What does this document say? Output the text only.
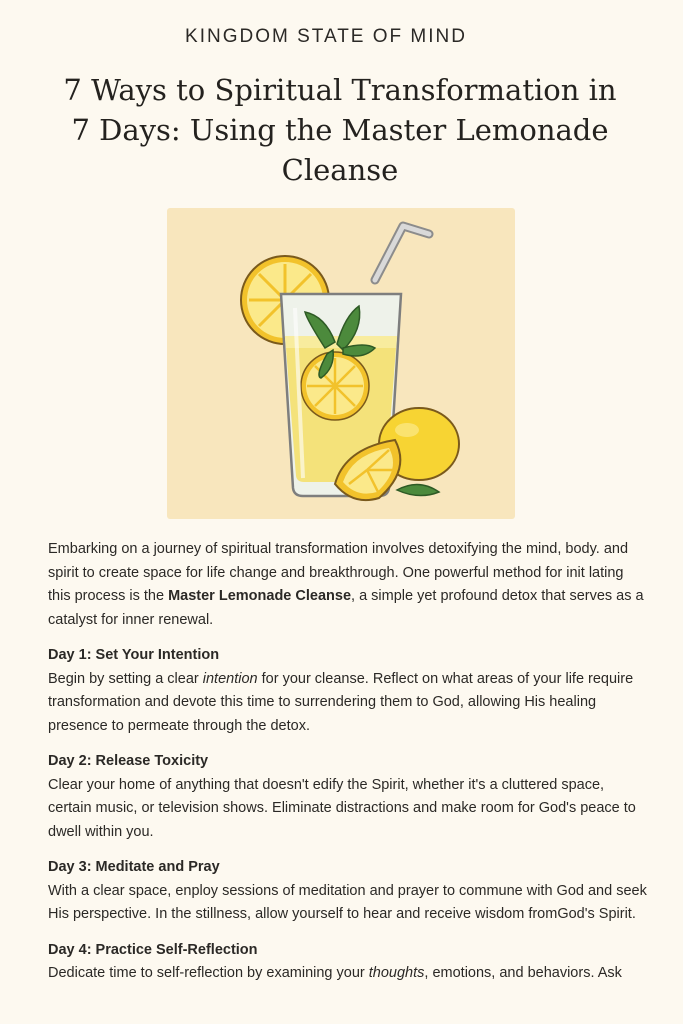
KINGDOM STATE OF MIND
7 Ways to Spiritual Transformation in 7 Days: Using the Master Lemonade Cleanse

Embarking on a journey of spiritual transformation involves detoxifying the mind, body. and spirit to create space for life change and breakthrough. One powerful method for init lating this process is the Master Lemonade Cleanse, a simple yet profound detox that serves as a catalyst for inner renewal.

Day 1: Set Your Intention

Begin by setting a clear intention for your cleanse. Reflect on what areas of your life require transformation and devote this time to surrendering them to God, allowing His healing presence to permeate through the detox.

Day 2: Release Toxicity

Clear your home of anything that doesn't edify the Spirit, whether it's a cluttered space, certain music, or television shows. Eliminate distractions and make room for God's peace to dwell within you.

Day 3: Meditate and Pray

With a clear space, enploy sessions of meditation and prayer to commune with God and seek His perspective. In the stillness, allow yourself to hear and receive wisdom fromGod's Spirit.

Day 4: Practice Self-Reflection

Dedicate time to self-reflection by examining your thoughts, emotions, and behaviors. Ask
